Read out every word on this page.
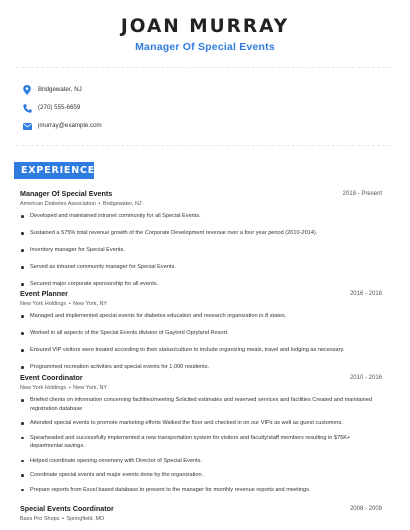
JOAN MURRAY
Manager Of Special Events
Bridgewater, NJ
(270) 555-6659
jmurray@example.com
EXPERIENCE
Manager Of Special Events	2018 - Present
American Diabetes Association • Bridgewater, NJ
Developed and maintained intranet community for all Special Events.
Sustained a 575% total revenue growth of the Corporate Development revenue over a four year period (2010-2014).
Inventory manager for Special Events.
Served as intranet community manager for Special Events.
Secured major corporate sponsorship for all events.
Event Planner	2016 - 2018
New York Holdings • New York, NY
Managed and implemented special events for diabetes education and research organization in 8 states.
Worked in all aspects of the Special Events division of Gaylord Opryland Resort.
Ensured VIP visitors were treated according to their status/culture to include organizing meals, travel and lodging as necessary.
Programmed recreation activities and special events for 1,000 residents.
Event Coordinator	2010 - 2016
New York Holdings • New York, NY
Briefed clients on information concerning facilities/meeting Solicited estimates and reserved services and facilities Created and maintained registration database
Attended special events to promote marketing efforts Walked the floor and checked in on our VIPs as well as guest customers.
Spearheaded and successfully implemented a new transportation system for visitors and faculty/staff members resulting in $75K+ departmental savings.
Helped coordinate opening ceremony with Director of Special Events.
Coordinate special events and major events done by the organization.
Prepare reports from Excel based database to present to the manager for monthly revenue reports and meetings.
Special Events Coordinator	2008 - 2009
Bass Pro Shops • Springfield, MO
